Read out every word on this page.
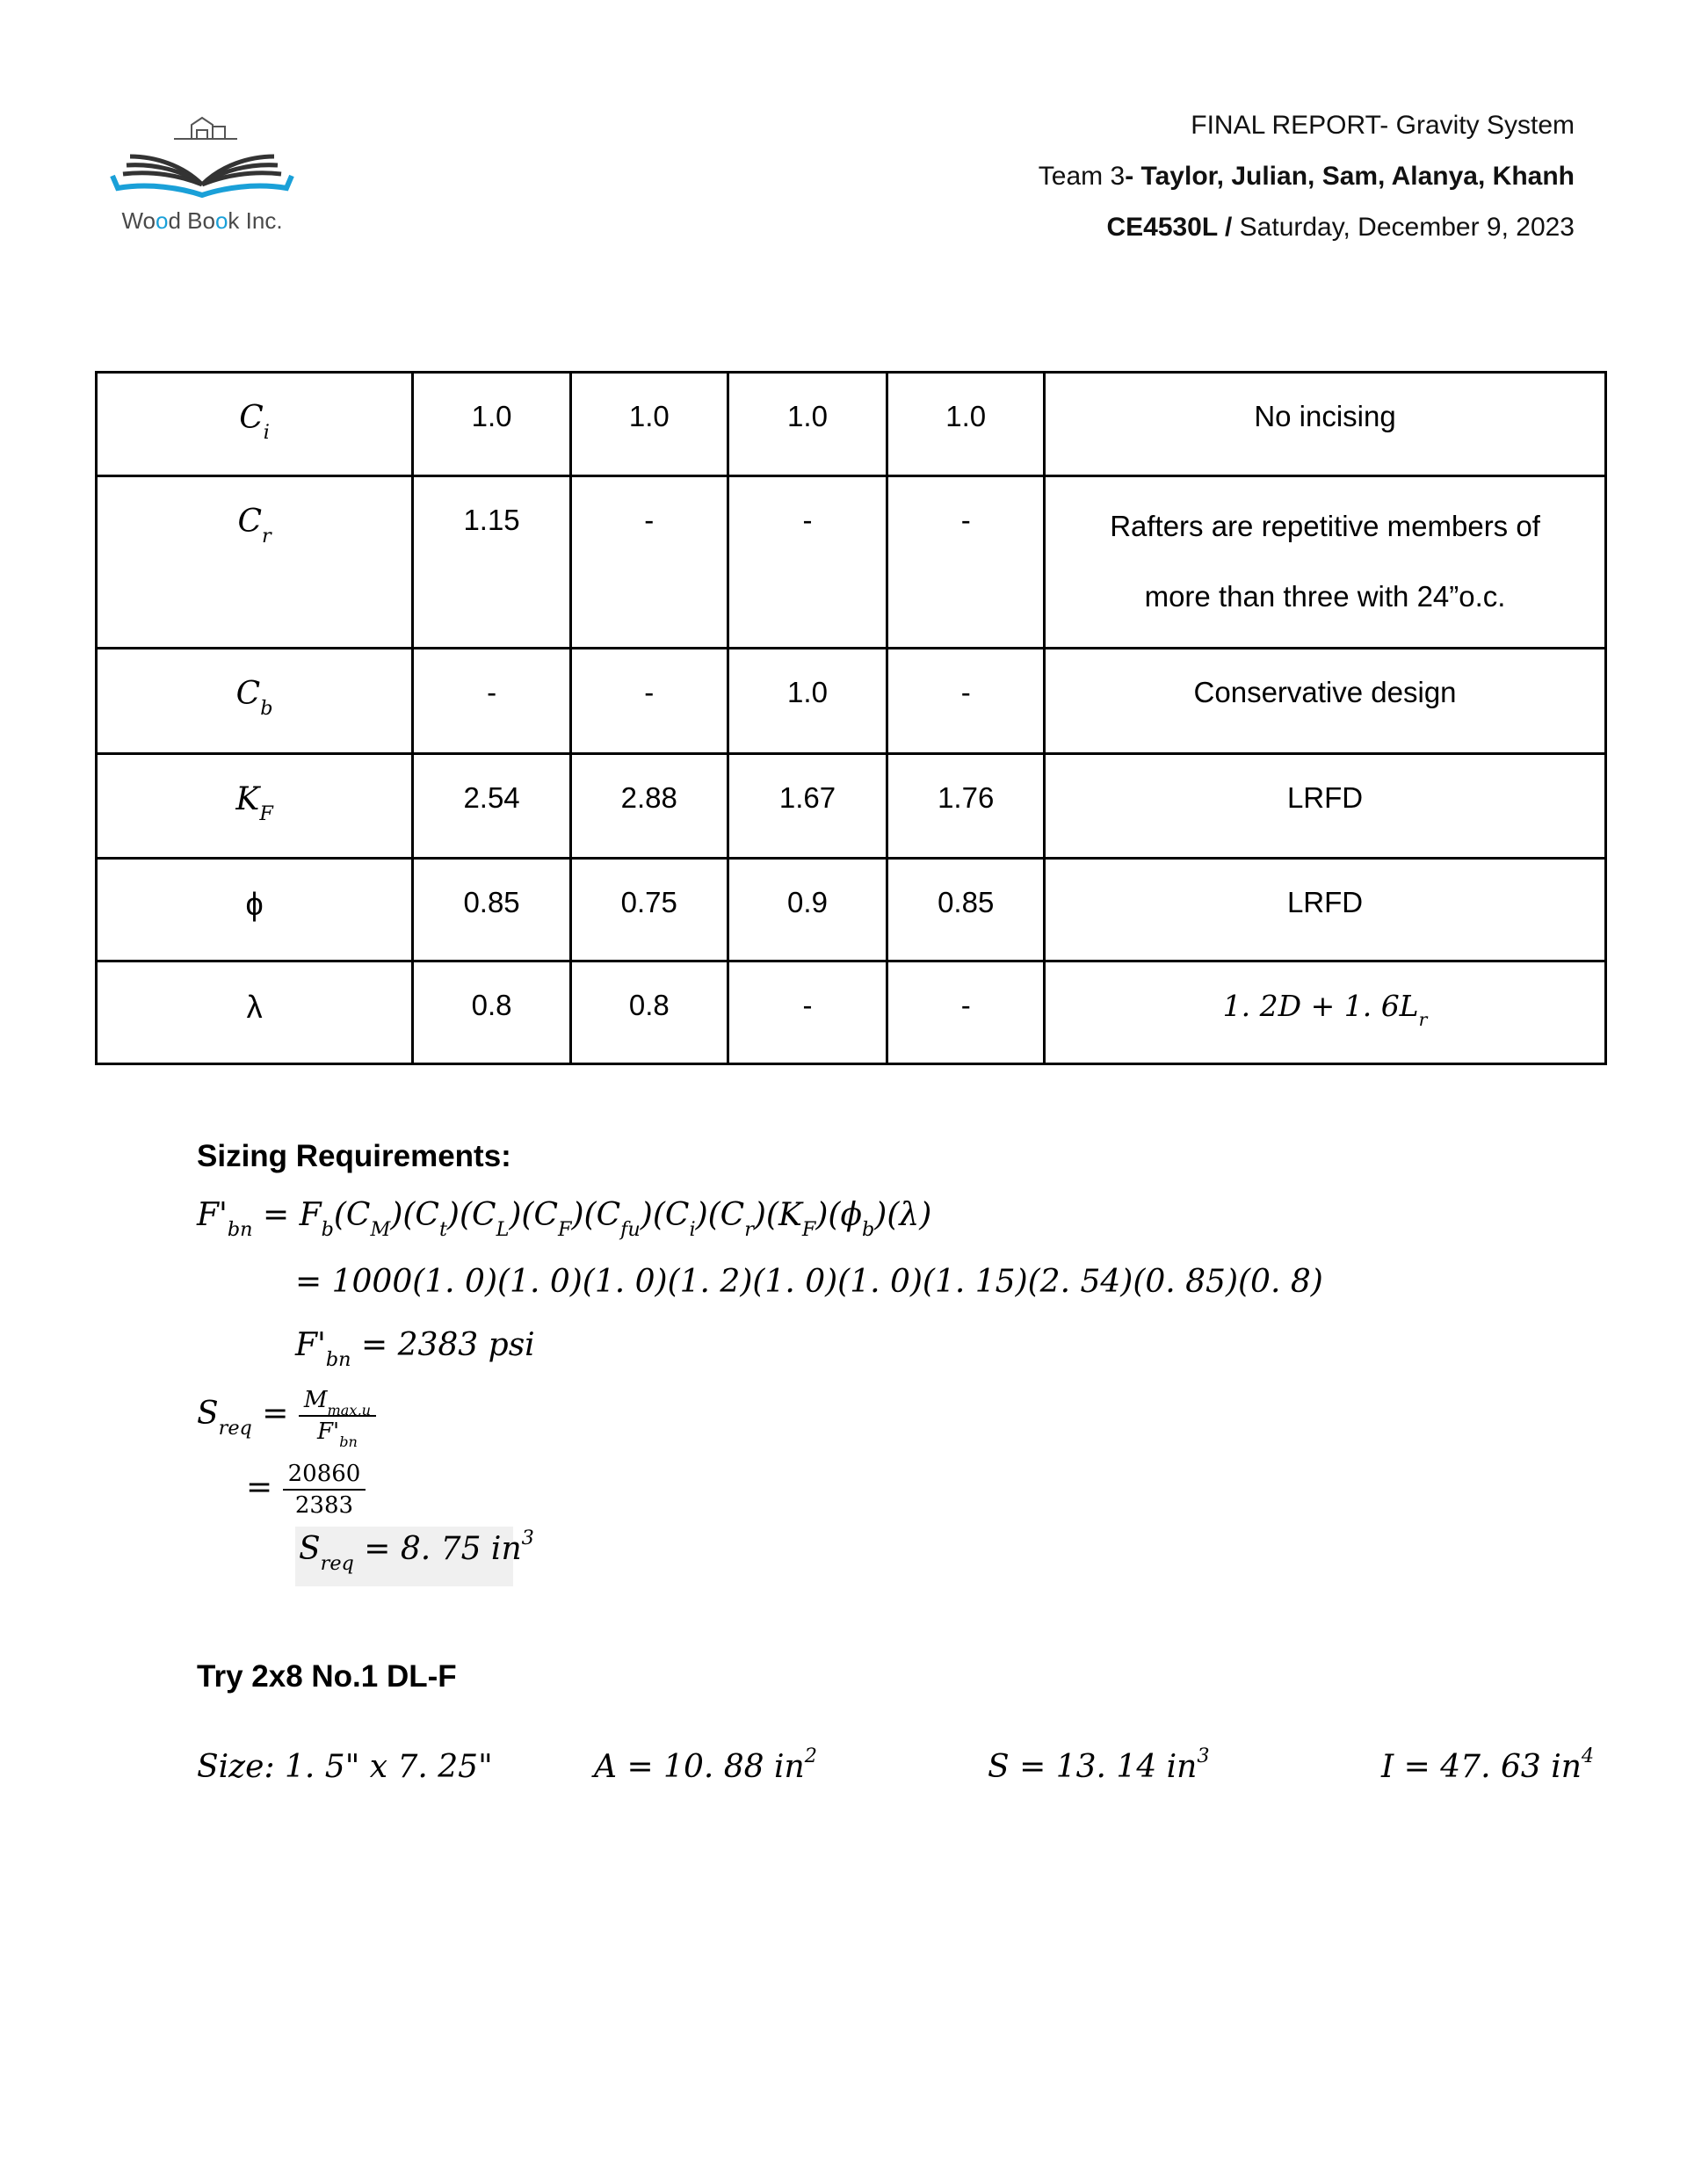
Wood Book Inc.
FINAL REPORT- Gravity System
Team 3- Taylor, Julian, Sam, Alanya, Khanh
CE4530L / Saturday, December 9, 2023
$C_i$	1.0	1.0	1.0	1.0	No incising

$C_r$	1.15	-	-	-	Rafters are repetitive members of
more than three with 24”o.c.

$C_b$	-	-	1.0	-	Conservative design

$K_F$	2.54	2.88	1.67	1.76	LRFD

ϕ	0.85	0.75	0.9	0.85	LRFD

λ	0.8	0.8	-	-	1. 2D + 1. $6L_r$
Sizing Requirements:
$F'_{bn} = F_b(C_M)(C_t)(C_L)(C_F)(C_{fu})(C_i)(C_r)(K_F)(\phi_b)(\lambda)$
= 1000(1. 0)(1. 0)(1. 0)(1. 2)(1. 0)(1. 0)(1. 15)(2. 54)(0. 85)(0. 8)
$F'_{bn} = 2383$ psi
$S_{req} = \frac{M_{max,u}}{F'_{bn}}$
= $\frac{20860}{2383}$
$S_{req} = 8$. 75 $in^3$
Try 2x8 No.1 DL-F
Size: 1. 5" x 7. 25"	A = 10. 88 $in^2$	S = 13. 14 $in^3$	I = 47. 63 $in^4$
